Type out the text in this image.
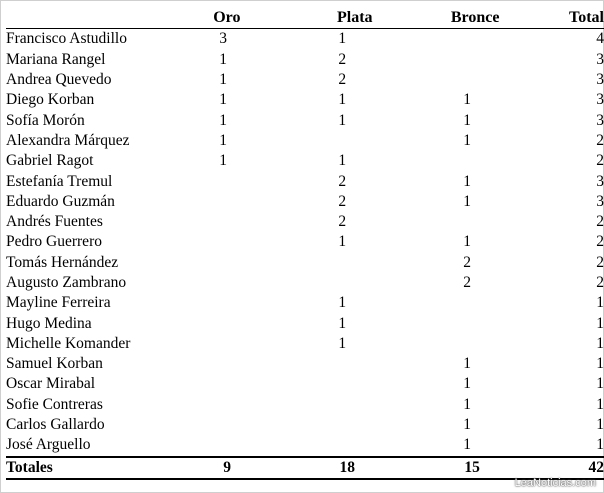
	Oro	Plata	Bronce	Total
Francisco Astudillo	3	1		4
Mariana Rangel	1	2		3
Andrea Quevedo	1	2		3
Diego Korban	1	1	1	3
Sofía Morón	1	1	1	3
Alexandra Márquez	1		1	2
Gabriel Ragot	1	1		2
Estefanía Tremul		2	1	3
Eduardo Guzmán		2	1	3
Andrés Fuentes		2		2
Pedro Guerrero		1	1	2
Tomás Hernández			2	2
Augusto Zambrano			2	2
Mayline Ferreira		1		1
Hugo Medina		1		1
Michelle Komander		1		1
Samuel Korban			1	1
Oscar Mirabal			1	1
Sofie Contreras			1	1
Carlos Gallardo			1	1
José Arguello			1	1
Totales	9	18	15	42
LeaNoticias.com
